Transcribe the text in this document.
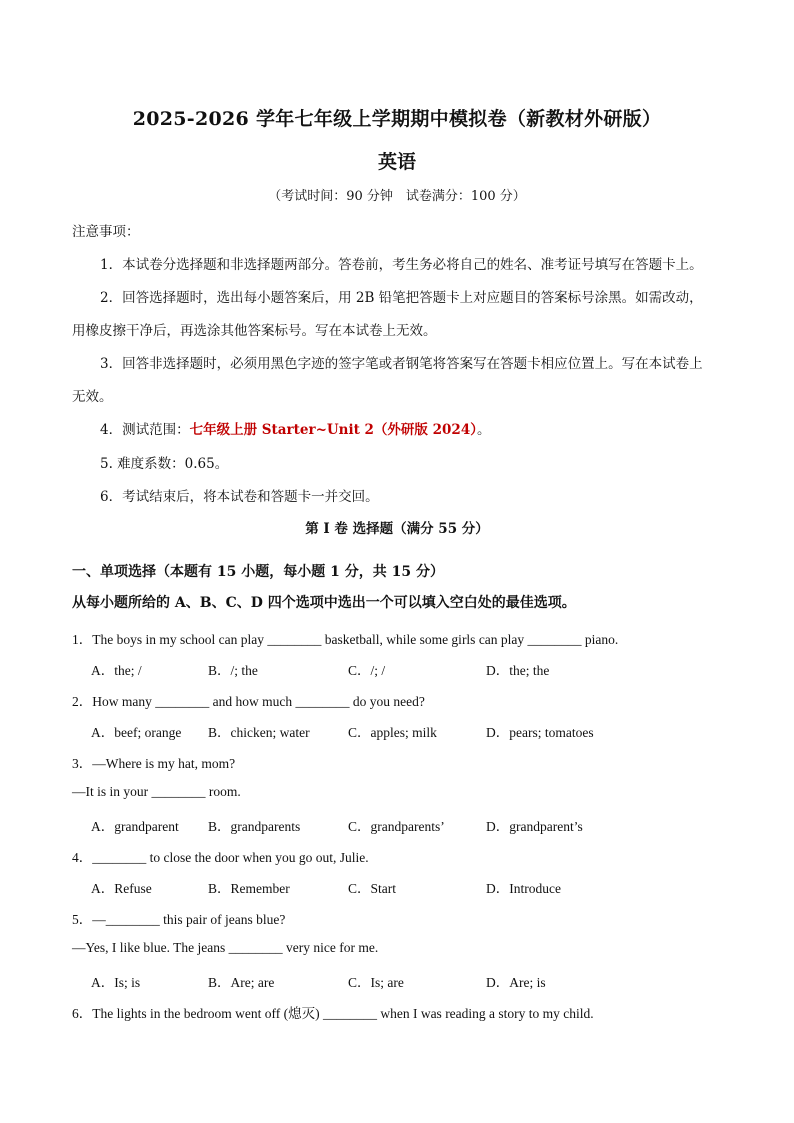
2025-2026 学年七年级上学期期中模拟卷（新教材外研版）
英语
（考试时间：90 分钟　试卷满分：100 分）
注意事项：
1．本试卷分选择题和非选择题两部分。答卷前，考生务必将自己的姓名、准考证号填写在答题卡上。
2．回答选择题时，选出每小题答案后，用 2B 铅笔把答题卡上对应题目的答案标号涂黑。如需改动，
用橡皮擦干净后，再选涂其他答案标号。写在本试卷上无效。
3．回答非选择题时，必须用黑色字迹的签字笔或者钢笔将答案写在答题卡相应位置上。写在本试卷上
无效。
4．测试范围：七年级上册 Starter~Unit 2（外研版 2024）。
5. 难度系数：0.65。
6．考试结束后，将本试卷和答题卡一并交回。
第 I 卷 选择题（满分 55 分）
一、单项选择（本题有 15 小题，每小题 1 分，共 15 分）
从每小题所给的 A、B、C、D 四个选项中选出一个可以填入空白处的最佳选项。
1．The boys in my school can play ________ basketball, while some girls can play ________ piano.
A．the; /	B．/; the	C．/; /	D．the; the
2．How many ________ and how much ________ do you need?
A．beef; orange B．chicken; water	C．apples; milk	D．pears; tomatoes
3．—Where is my hat, mom?
—It is in your ________ room.
A．grandparent B．grandparents	C．grandparents’	D．grandparent’s
4．________ to close the door when you go out, Julie.
A．Refuse	B．Remember	C．Start	D．Introduce
5．—________ this pair of jeans blue?
—Yes, I like blue. The jeans ________ very nice for me.
A．Is; is	B．Are; are	C．Is; are	D．Are; is
6．The lights in the bedroom went off (熄灭) ________ when I was reading a story to my child.
